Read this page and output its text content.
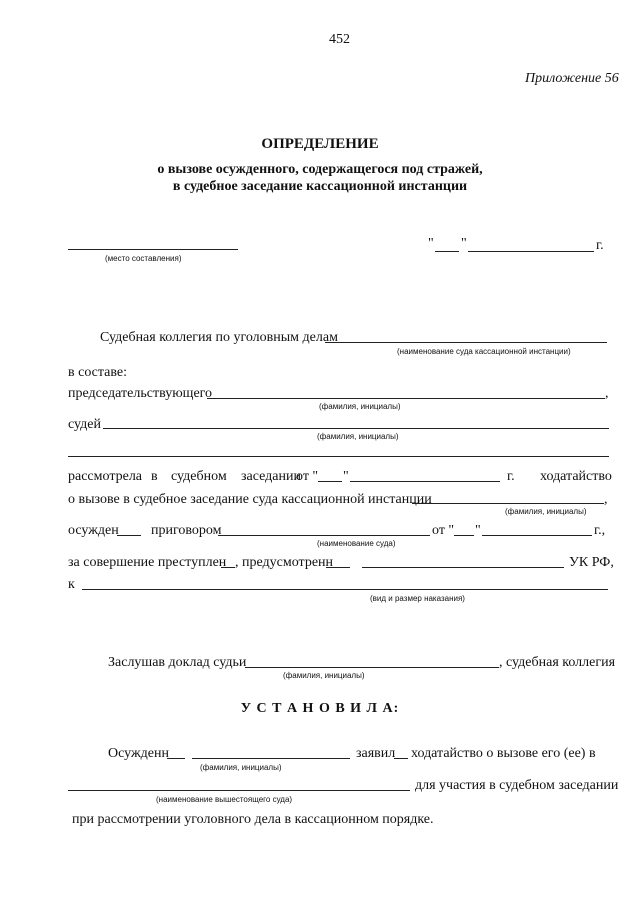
452
Приложение 56
ОПРЕДЕЛЕНИЕ
о вызове осужденного, содержащегося под стражей,
в судебное заседание кассационной инстанции
(место составления)
" "	г.
Судебная коллегия по уголовным делам
(наименование суда кассационной инстанции)
в составе:
председательствующего	,
(фамилия, инициалы)
судей
(фамилия, инициалы)
рассмотрела в судебном заседании
от " "	г. ходатайство
о вызове в судебное заседание суда кассационной инстанции	,
(фамилия, инициалы)
осужден приговором	от " "	г.,
(наименование суда)
за совершение преступлен , предусмотренн	УК РФ,
к
(вид и размер наказания)
Заслушав доклад судьи	, судебная коллегия
(фамилия, инициалы)
У С Т А Н О В И Л А:
Осужденн	заявил ходатайство о вызове его (ее) в
(фамилия, инициалы)
для участия в судебном заседании
(наименование вышестоящего суда)
при рассмотрении уголовного дела в кассационном порядке.
